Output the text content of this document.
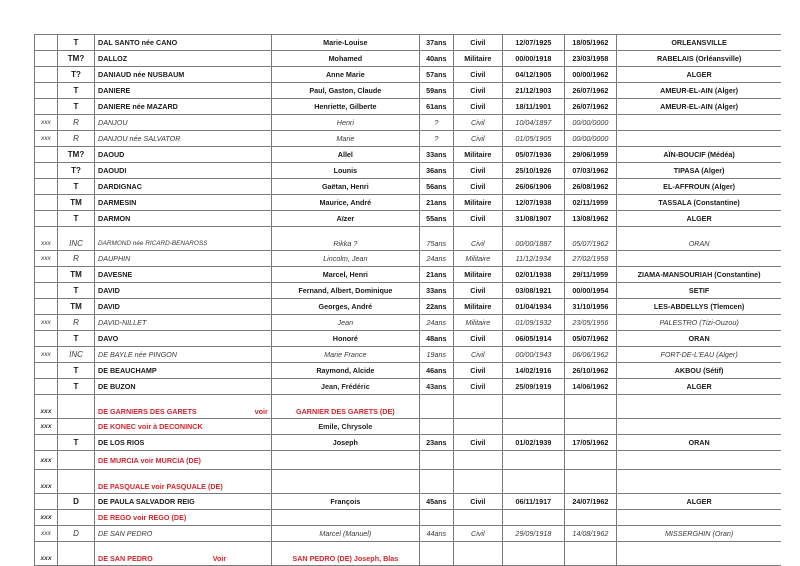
	T	DAL SANTO née CANO	Marie-Louise	37ans	Civil	12/07/1925	18/05/1962	ORLEANSVILLE
	TM?	DALLOZ	Mohamed	40ans	Militaire	00/00/1918	23/03/1958	RABELAIS (Orléansville)
	T?	DANIAUD née NUSBAUM	Anne Marie	57ans	Civil	04/12/1905	00/00/1962	ALGER
	T	DANIERE	Paul, Gaston, Claude	59ans	Civil	21/12/1903	26/07/1962	AMEUR-EL-AIN (Alger)
	T	DANIERE née MAZARD	Henriette, Gilberte	61ans	Civil	18/11/1901	26/07/1962	AMEUR-EL-AIN (Alger)
xxx	R	DANJOU	Henri	?	Civil	10/04/1897	00/00/0000	
xxx	R	DANJOU née SALVATOR	Marie	?	Civil	01/05/1905	00/00/0000	
	TM?	DAOUD	Allel	33ans	Militaire	05/07/1936	29/06/1959	AÏN-BOUCIF (Médéa)
	T?	DAOUDI	Lounis	36ans	Civil	25/10/1926	07/03/1962	TIPASA (Alger)
	T	DARDIGNAC	Gaëtan, Henri	56ans	Civil	26/06/1906	26/08/1962	EL-AFFROUN (Alger)
	TM	DARMESIN	Maurice, André	21ans	Militaire	12/07/1938	02/11/1959	TASSALA (Constantine)
	T	DARMON	Aïzer	55ans	Civil	31/08/1907	13/08/1962	ALGER
xxx	INC	DARMOND née RICARD-BENAROSS	Rikka ?	75ans	Civil	00/00/1887	05/07/1962	ORAN
xxx	R	DAUPHIN	Lincolm, Jean	24ans	Militaire	11/12/1934	27/02/1958	
	TM	DAVESNE	Marcel, Henri	21ans	Militaire	02/01/1938	29/11/1959	ZIAMA-MANSOURIAH (Constantine)
	T	DAVID	Fernand, Albert, Dominique	33ans	Civil	03/08/1921	00/00/1954	SETIF
	TM	DAVID	Georges, André	22ans	Militaire	01/04/1934	31/10/1956	LES-ABDELLYS (Tlemcen)
xxx	R	DAVID-NILLET	Jean	24ans	Militaire	01/09/1932	23/05/1956	PALESTRO (Tizi-Ouzou)
	T	DAVO	Honoré	48ans	Civil	06/05/1914	05/07/1962	ORAN
xxx	INC	DE BAYLE née PINGON	Marie France	19ans	Civil	00/00/1943	06/06/1962	FORT-DE-L'EAU (Alger)
	T	DE BEAUCHAMP	Raymond, Alcide	46ans	Civil	14/02/1916	26/10/1962	AKBOU (Sétif)
	T	DE BUZON	Jean, Frédéric	43ans	Civil	25/09/1919	14/06/1962	ALGER
xxx		DE GARNIERS DES GARETS voir	GARNIER DES GARETS (DE)					
xxx		DE KONEC voir à DECONINCK	Emile, Chrysole					
	T	DE LOS RIOS	Joseph	23ans	Civil	01/02/1939	17/05/1962	ORAN
xxx		DE MURCIA voir MURCIA (DE)						
xxx		DE PASQUALE voir PASQUALE (DE)						
	D	DE PAULA SALVADOR REIG	François	45ans	Civil	06/11/1917	24/07/1962	ALGER
xxx		DE REGO voir REGO (DE)						
xxx	D	DE SAN PEDRO	Marcel (Manuel)	44ans	Civil	29/09/1918	14/08/1962	MISSERGHIN (Oran)
xxx		DE SAN PEDRO Voir	SAN PEDRO (DE) Joseph, Blas					
